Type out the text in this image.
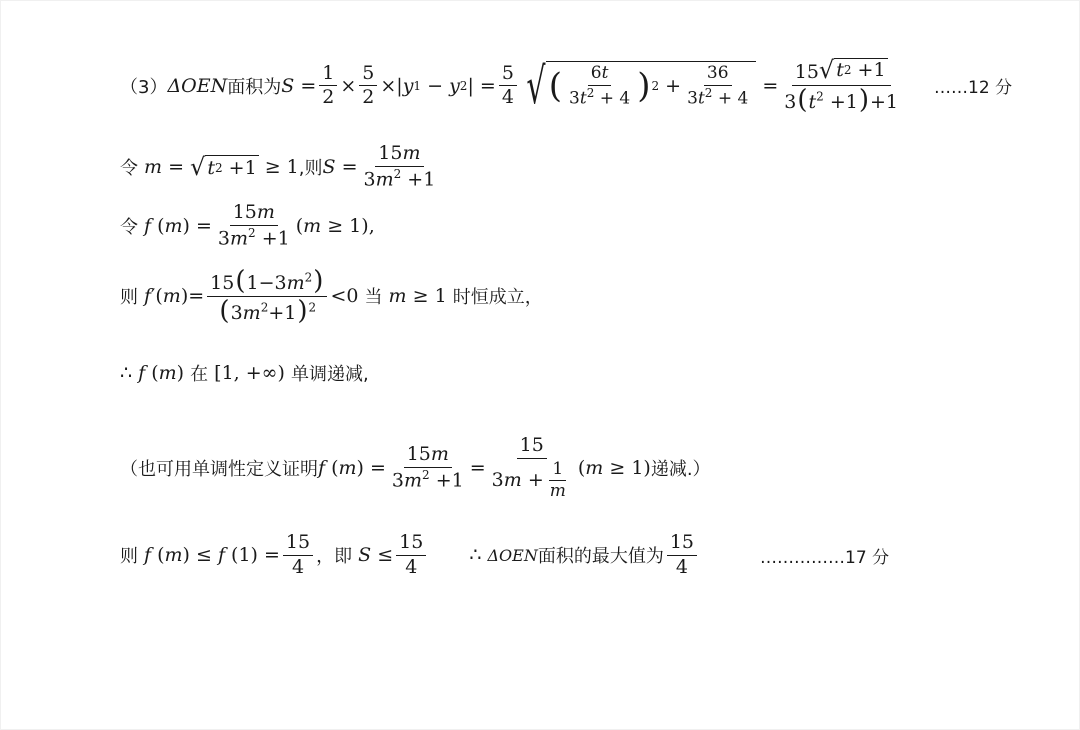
（3） ΔOEN 面积为 $S = \frac{1}{2} \times \frac{5}{2}$ ×| y 1 − y 2 | = $\frac{5}{4}$ √ ( $\frac{6t}{3t^2 + 4}$ ) $2 + \frac{36}{3t^2 + 4} = \frac{15 √ t 2 +1}{3(t^2 +1)+1}$ ……12 分
令 m = √ t 2 +1 ≥ 1 ,则 $S = \frac{15m}{3m^2 +1}$
令 f ( m ) = $\frac{15m}{3m^2 +1}$ ( m ≥ 1 ),
则 f ′( m )= $\frac{15(1-3m^2)}{(3m^2+1)^2} <0$ 当
m ≥ 1 时恒成立，
∴
f ( m ) 在 [1, +∞) 单调递减,
（也可用单调性定义证明 f ( m ) = $\frac{15m}{3m^2 +1} = \frac{15}{3m + \frac{1}{m}}$ ( m ≥ 1) 递减.）
则 f ( m ) ≤ f $(1) = \frac{15}{4}$ ，即
$S \le \frac{15}{4}$ ∴
ΔOEN 面积的最大值为 $\frac{15}{4}$	……………17 分
